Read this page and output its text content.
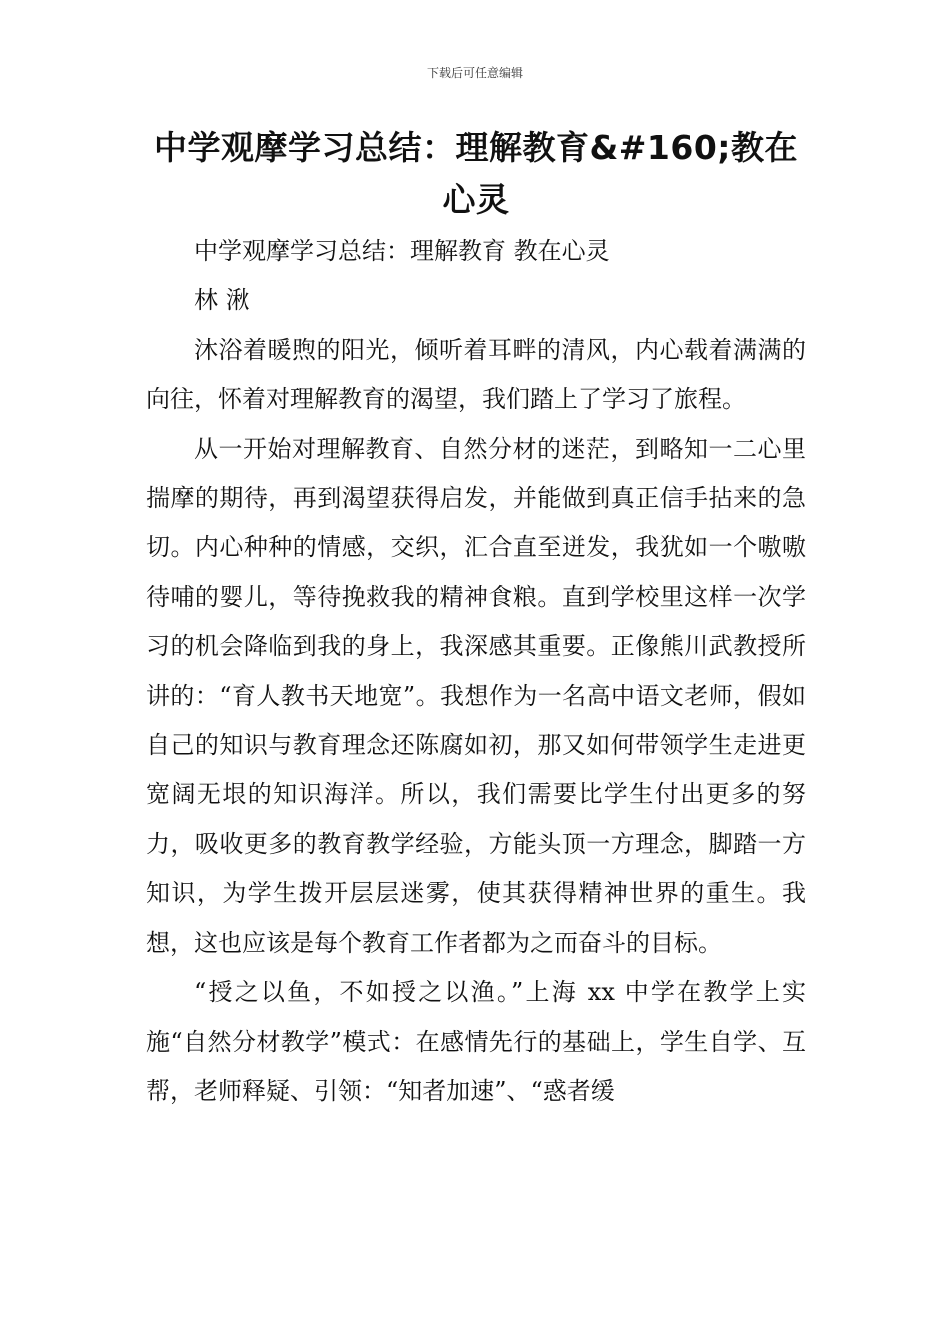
下载后可任意编辑
中学观摩学习总结：理解教育&#160;教在心灵

中学观摩学习总结：理解教育 教在心灵

林 湫

沐浴着暖煦的阳光，倾听着耳畔的清风，内心载着满满的向往，怀着对理解教育的渴望，我们踏上了学习了旅程。

从一开始对理解教育、自然分材的迷茫，到略知一二心里揣摩的期待，再到渴望获得启发，并能做到真正信手拈来的急切。内心种种的情感，交织，汇合直至迸发，我犹如一个嗷嗷待哺的婴儿，等待挽救我的精神食粮。直到学校里这样一次学习的机会降临到我的身上，我深感其重要。正像熊川武教授所讲的：“育人教书天地宽”。我想作为一名高中语文老师，假如自己的知识与教育理念还陈腐如初，那又如何带领学生走进更宽阔无垠的知识海洋。所以，我们需要比学生付出更多的努力，吸收更多的教育教学经验，方能头顶一方理念，脚踏一方知识，为学生拨开层层迷雾，使其获得精神世界的重生。我想，这也应该是每个教育工作者都为之而奋斗的目标。

“授之以鱼，不如授之以渔。”上海 xx 中学在教学上实施“自然分材教学”模式：在感情先行的基础上，学生自学、互帮，老师释疑、引领：“知者加速”、“惑者缓
